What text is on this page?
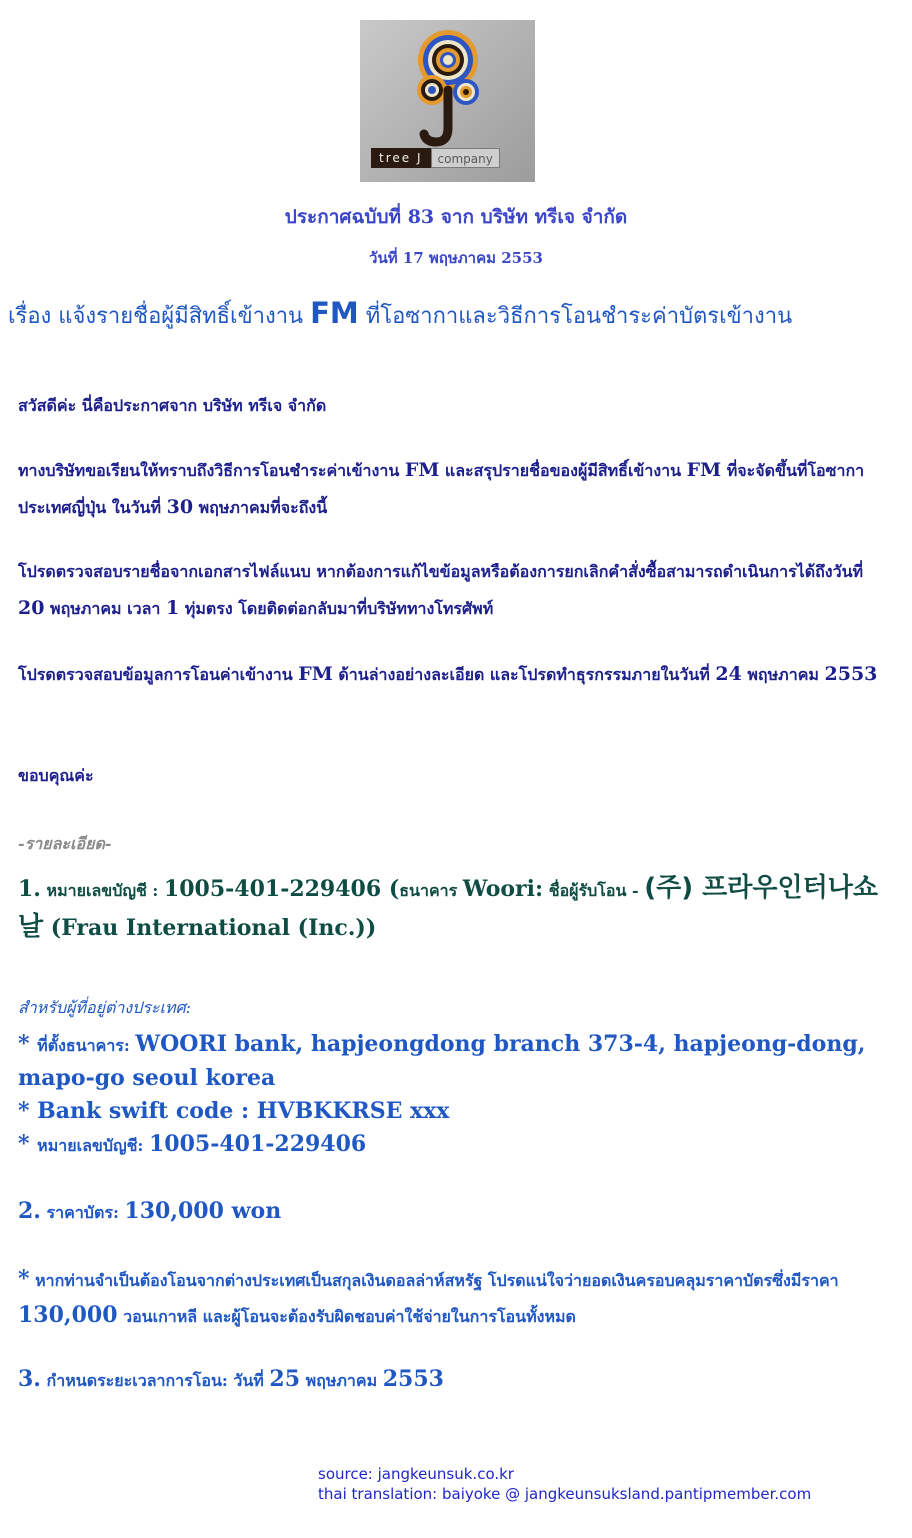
tree J	company
ประกาศฉบับที่ 83 จาก บริษัท ทรีเจ จำกัด
วันที่ 17 พฤษภาคม 2553
เรื่อง แจ้งรายชื่อผู้มีสิทธิ์เข้างาน FM ที่โอซากาและวิธีการโอนชำระค่าบัตรเข้างาน

สวัสดีค่ะ นี่คือประกาศจาก บริษัท ทรีเจ จำกัด

ทางบริษัทขอเรียนให้ทราบถึงวิธีการโอนชำระค่าเข้างาน FM และสรุปรายชื่อของผู้มีสิทธิ์เข้างาน FM ที่จะจัดขึ้นที่โอซากา ประเทศญี่ปุ่น ในวันที่ 30 พฤษภาคมที่จะถึงนี้

โปรดตรวจสอบรายชื่อจากเอกสารไฟล์แนบ หากต้องการแก้ไขข้อมูลหรือต้องการยกเลิกคำสั่งซื้อสามารถดำเนินการได้ถึงวันที่ 20 พฤษภาคม เวลา 1 ทุ่มตรง โดยติดต่อกลับมาที่บริษัททางโทรศัพท์

โปรดตรวจสอบข้อมูลการโอนค่าเข้างาน FM ด้านล่างอย่างละเอียด และโปรดทำธุรกรรมภายในวันที่ 24 พฤษภาคม 2553

ขอบคุณค่ะ

-รายละเอียด-

1. หมายเลขบัญชี : 1005-401-229406 (ธนาคาร Woori: ชื่อผู้รับโอน - (주) 프라우인터나쇼날 (Frau International (Inc.))

สำหรับผู้ที่อยู่ต่างประเทศ:

* ที่ตั้งธนาคาร: WOORI bank, hapjeongdong branch 373-4, hapjeong-dong, mapo-go seoul korea
* Bank swift code : HVBKKRSE xxx
* หมายเลขบัญชี: 1005-401-229406

2. ราคาบัตร: 130,000 won

* หากท่านจำเป็นต้องโอนจากต่างประเทศเป็นสกุลเงินดอลล่าห์สหรัฐ โปรดแน่ใจว่ายอดเงินครอบคลุมราคาบัตรซึ่งมีราคา 130,000 วอนเกาหลี และผู้โอนจะต้องรับผิดชอบค่าใช้จ่ายในการโอนทั้งหมด

3. กำหนดระยะเวลาการโอน: วันที่ 25 พฤษภาคม 2553

source: jangkeunsuk.co.kr
thai translation: baiyoke @ jangkeunsuksland.pantipmember.com
